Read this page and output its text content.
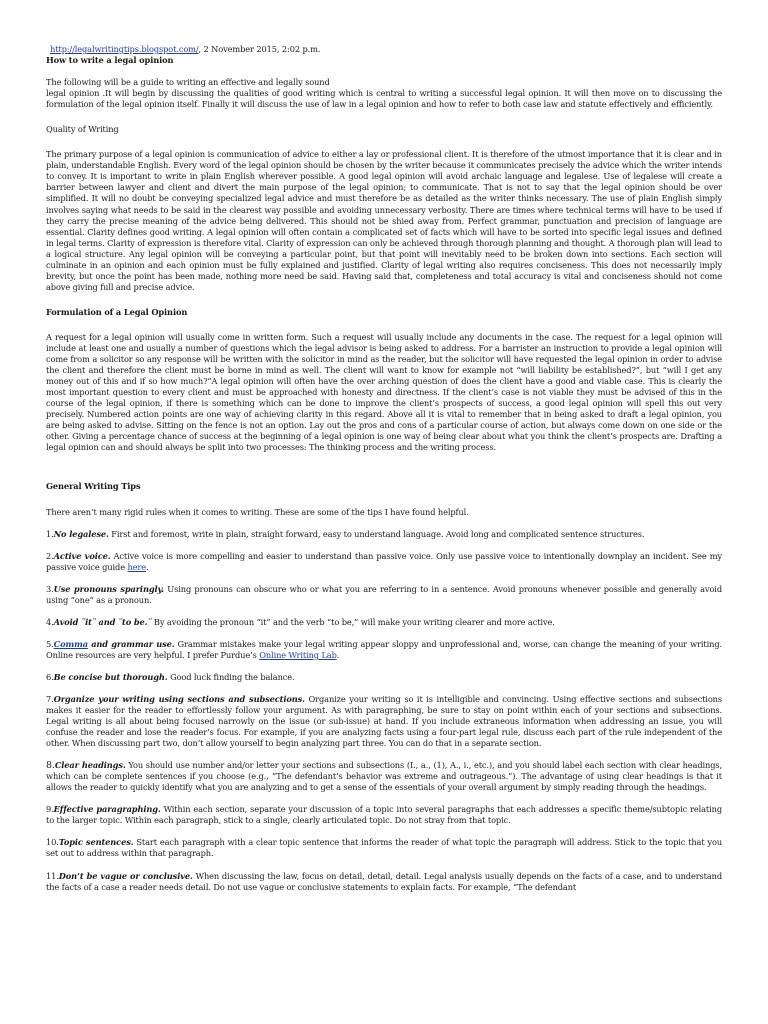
http://legalwritingtips.blogspot.com/, 2 November 2015, 2:02 p.m.

How to write a legal opinion

The following will be a guide to writing an effective and legally sound

legal opinion .It will begin by discussing the qualities of good writing which is central to writing a successful legal opinion. It will then move on to discussing the formulation of the legal opinion itself. Finally it will discuss the use of law in a legal opinion and how to refer to both case law and statute effectively and efficiently.

Quality of Writing

The primary purpose of a legal opinion is communication of advice to either a lay or professional client. It is therefore of the utmost importance that it is clear and in plain, understandable English. Every word of the legal opinion should be chosen by the writer because it communicates precisely the advice which the writer intends to convey. It is important to write in plain English wherever possible. A good legal opinion will avoid archaic language and legalese. Use of legalese will create a barrier between lawyer and client and divert the main purpose of the legal opinion; to communicate. That is not to say that the legal opinion should be over simplified. It will no doubt be conveying specialized legal advice and must therefore be as detailed as the writer thinks necessary. The use of plain English simply involves saying what needs to be said in the clearest way possible and avoiding unnecessary verbosity. There are times where technical terms will have to be used if they carry the precise meaning of the advice being delivered. This should not be shied away from. Perfect grammar, punctuation and precision of language are essential. Clarity defines good writing. A legal opinion will often contain a complicated set of facts which will have to be sorted into specific legal issues and defined in legal terms. Clarity of expression is therefore vital. Clarity of expression can only be achieved through thorough planning and thought. A thorough plan will lead to a logical structure. Any legal opinion will be conveying a particular point, but that point will inevitably need to be broken down into sections. Each section will culminate in an opinion and each opinion must be fully explained and justified. Clarity of legal writing also requires conciseness. This does not necessarily imply brevity, but once the point has been made, nothing more need be said. Having said that, completeness and total accuracy is vital and conciseness should not come above giving full and precise advice.

Formulation of a Legal Opinion

A request for a legal opinion will usually come in written form. Such a request will usually include any documents in the case. The request for a legal opinion will include at least one and usually a number of questions which the legal advisor is being asked to address. For a barrister an instruction to provide a legal opinion will come from a solicitor so any response will be written with the solicitor in mind as the reader, but the solicitor will have requested the legal opinion in order to advise the client and therefore the client must be borne in mind as well. The client will want to know for example not “will liability be established?”, but “will I get any money out of this and if so how much?”A legal opinion will often have the over arching question of does the client have a good and viable case. This is clearly the most important question to every client and must be approached with honesty and directness. If the client’s case is not viable they must be advised of this in the course of the legal opinion, if there is something which can be done to improve the client’s prospects of success, a good legal opinion will spell this out very precisely. Numbered action points are one way of achieving clarity in this regard. Above all it is vital to remember that in being asked to draft a legal opinion, you are being asked to advise. Sitting on the fence is not an option. Lay out the pros and cons of a particular course of action, but always come down on one side or the other. Giving a percentage chance of success at the beginning of a legal opinion is one way of being clear about what you think the client’s prospects are. Drafting a legal opinion can and should always be split into two processes: The thinking process and the writing process.

General Writing Tips

There aren’t many rigid rules when it comes to writing. These are some of the tips I have found helpful.

1.No legalese. First and foremost, write in plain, straight forward, easy to understand language. Avoid long and complicated sentence structures.

2.Active voice. Active voice is more compelling and easier to understand than passive voice. Only use passive voice to intentionally downplay an incident. See my passive voice guide here.

3.Use pronouns sparingly. Using pronouns can obscure who or what you are referring to in a sentence. Avoid pronouns whenever possible and generally avoid using “one” as a pronoun.

4.Avoid ¨it¨ and ¨to be.¨ By avoiding the pronoun “it” and the verb “to be,” will make your writing clearer and more active.

5.Comma and grammar use. Grammar mistakes make your legal writing appear sloppy and unprofessional and, worse, can change the meaning of your writing. Online resources are very helpful. I prefer Purdue’s Online Writing Lab.

6.Be concise but thorough. Good luck finding the balance.

7.Organize your writing using sections and subsections. Organize your writing so it is intelligible and convincing. Using effective sections and subsections makes it easier for the reader to effortlessly follow your argument. As with paragraphing, be sure to stay on point within each of your sections and subsections. Legal writing is all about being focused narrowly on the issue (or sub-issue) at hand. If you include extraneous information when addressing an issue, you will confuse the reader and lose the reader’s focus. For example, if you are analyzing facts using a four-part legal rule, discuss each part of the rule independent of the other. When discussing part two, don’t allow yourself to begin analyzing part three. You can do that in a separate section.

8.Clear headings. You should use number and/or letter your sections and subsections (I., a., (1), A., i., etc.), and you should label each section with clear headings, which can be complete sentences if you choose (e.g., “The defendant’s behavior was extreme and outrageous.”). The advantage of using clear headings is that it allows the reader to quickly identify what you are analyzing and to get a sense of the essentials of your overall argument by simply reading through the headings.

9.Effective paragraphing. Within each section, separate your discussion of a topic into several paragraphs that each addresses a specific theme/subtopic relating to the larger topic. Within each paragraph, stick to a single, clearly articulated topic. Do not stray from that topic.

10.Topic sentences. Start each paragraph with a clear topic sentence that informs the reader of what topic the paragraph will address. Stick to the topic that you set out to address within that paragraph.

11.Don’t be vague or conclusive. When discussing the law, focus on detail, detail, detail. Legal analysis usually depends on the facts of a case, and to understand the facts of a case a reader needs detail. Do not use vague or conclusive statements to explain facts. For example, “The defendant
